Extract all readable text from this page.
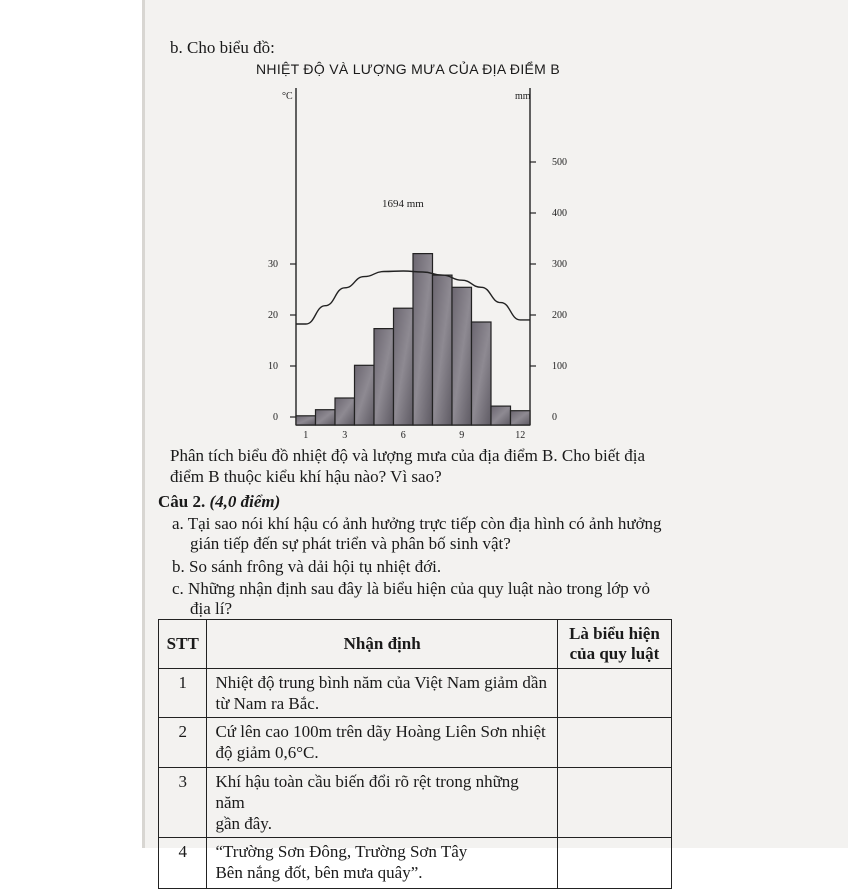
b. Cho biểu đồ:
NHIỆT ĐỘ VÀ LƯỢNG MƯA CỦA ĐỊA ĐIỂM B
°C	mm
30
20
10
0
500
400
300
200
100
0
1694 mm
1	3	6	9	12
Phân tích biểu đồ nhiệt độ và lượng mưa của địa điểm B. Cho biết địa
điểm B thuộc kiểu khí hậu nào? Vì sao?
Câu 2. (4,0 điểm)
a. Tại sao nói khí hậu có ảnh hưởng trực tiếp còn địa hình có ảnh hưởng
gián tiếp đến sự phát triển và phân bố sinh vật?
b. So sánh frông và dải hội tụ nhiệt đới.
c. Những nhận định sau đây là biểu hiện của quy luật nào trong lớp vỏ
địa lí?
STT	Nhận định	Là biểu hiện
của quy luật

1	Nhiệt độ trung bình năm của Việt Nam giảm dần
từ Nam ra Bắc.	

2	Cứ lên cao 100m trên dãy Hoàng Liên Sơn nhiệt
độ giảm 0,6°C.	

3	Khí hậu toàn cầu biến đổi rõ rệt trong những năm
gần đây.	

4	“Trường Sơn Đông, Trường Sơn Tây
Bên nắng đốt, bên mưa quây”.	
